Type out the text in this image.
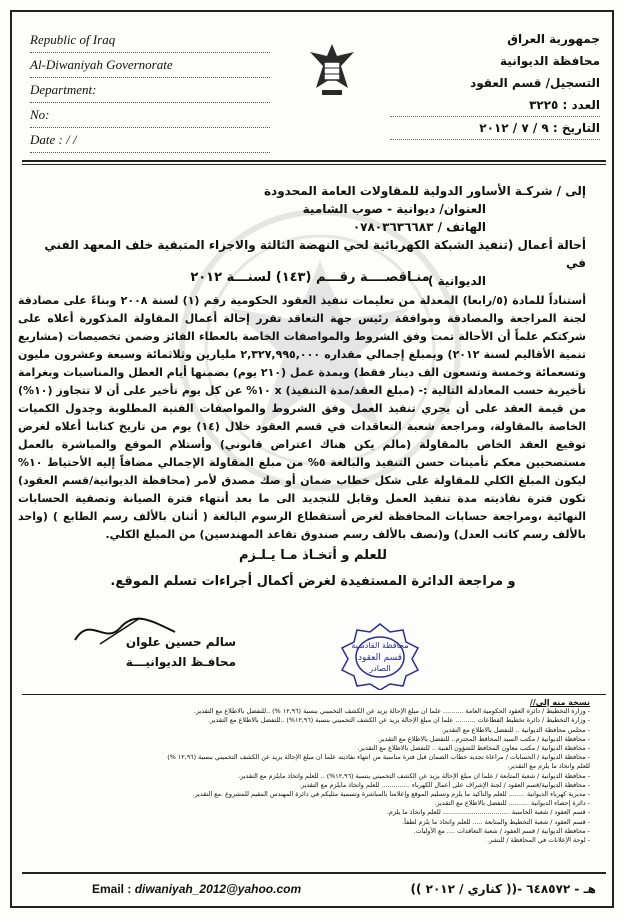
Republic of Iraq
Al-Diwaniyah Governorate
Department:
No:
Date : / /
جمهورية العراق
محافظة الديوانية
التسجيل/ قسم العقود
العدد : ٣٢٢٥
التاريخ : ٩ / ٧ / ٢٠١٢
إلى / شركـة الأساور الدولية للمقاولات العامة المحدودة
العنوان/ ديوانية - صوب الشامية
الهاتف / ٠٧٨٠٣٦٣٦٦٨٣
أحالة أعمال (تنفيذ الشبكة الكهربائية لحي النهضة الثالثة والاجزاء المتبقية خلف المعهد الفني في
الديوانية )
منـاقصــــة رقـــم (١٤٣) لسنـــة ٢٠١٢
أستناداً للمادة (٥/رابعا) المعدلة من تعليمات تنفيذ العقود الحكومية رقم (١) لسنة ٢٠٠٨ وبناءً على مصادقة لجنة المراجعة والمصادقة وموافقة رئيس جهة التعاقد تقرر إحالة أعمال المقاولة المذكورة أعلاه على شركتكم علماً أن الأحالة تمت وفق الشروط والمواصفات الخاصة بالعطاء الفائز وضمن تخصيصات (مشاريع تنمية الأقاليم لسنة ٢٠١٢) وبمبلغ إجمالي مقداره ٢,٣٢٧,٩٩٥,٠٠٠ مليارين وثلاثمائة وسبعة وعشرون مليون وتسعمائة وخمسة وتسعون الف دينار فقط) وبمدة عمل (٢١٠ يوم) بضمنها أيام العطل والمناسبات وبغرامة تأخيرية حسب المعادلة التالية :- (مبلغ العقد/مدة التنفيذ) x ١٠% عن كل يوم تأخير على أن لا تتجاوز (١٠%) من قيمة العقد على أن يجري تنفيذ العمل وفق الشروط والمواصفات الفنية المطلوبة وجدول الكميات الخاصة بالمقاولة، ومراجعة شعبة التعاقدات في قسم العقود خلال (١٤) يوم من تاريخ كتابنا أعلاه لغرض توقيع العقد الخاص بالمقاولة (مالم يكن هناك اعتراض قانوني) وأستلام الموقع والمباشرة بالعمل مستصحبين معكم تأمينات حسن التنفيذ والبالغة ٥% من مبلغ المقاولة الإجمالي مضافاً إليه الأحتياط ١٠% ليكون المبلغ الكلي للمقاولة على شكل خطاب ضمان أو صك مصدق لأمر (محافظة الديوانية/قسم العقود) تكون فترة نفاذيته مدة تنفيذ العمل وقابل للتجديد الى ما بعد أنتهاء فترة الصيانة وتصفية الحسابات النهائية ،ومراجعة حسابات المحافظة لغرض أستقطاع الرسوم البالغة ( أثنان بالألف رسم الطابع ) (واحد بالألف رسم كاتب العدل) و(نصف بالألف رسم صندوق تقاعد المهندسين) من المبلغ الكلي.
للعلم و أتخـاذ مـا يـلـزم
و مراجعة الدائرة المستفيدة لغرض أكمال أجراءات تسلم الموقع.
سالم حسين علوان
محافـظ الديوانيـــة
محافظة القادسية
قسم العقود
الصادر
نسخة منه إلى//
- وزارة التخطيط / دائرة العقود الحكومية العامة .......... علما ان مبلغ الإحالة يزيد عن الكشف التخميني بنسبة (١٢,٩٦ %) ..للتفضل بالاطلاع مع التقدير.
- وزارة التخطيط / دائرة تخطيط القطاعات .......... علما ان مبلغ الإحالة يزيد عن الكشف التخميني بنسبة (١٢,٩٦%) ..للتفضل بالاطلاع مع التقدير.
- مجلس محافظة الديوانية .. للتفضل بالاطلاع مع التقدير.
- محافظة الديوانية / مكتب السيد المحافظ المحترم.. للتفضل بالاطلاع مع التقدير.
- محافظة الديوانية / مكتب معاون المحافظ للشؤون الفنية .. للتفضل بالاطلاع مع التقدير.
- محافظة الديوانية / الحسابات / مراعاة تجديد خطاب الضمان قبل فترة مناسبة من انتهاء نفاذيته علما ان مبلغ الإحالة يزيد عن الكشف التخميني بنسبة (١٢,٩٦ %)
للعلم واتخاذ ما يلزم مع التقدير.
- محافظة الديوانية / شعبة المتابعة / علما ان مبلغ الإحالة يزيد عن الكشف التخميني بنسبة (١٢,٩٦%) .. للعلم واتخاذ مايلزم مع التقدير.
- محافظة الديوانية/قسم العقود / لجنة الإشراف على أعمال الكهرباء .............. للعلم واتخاذ مايلزم مع التقدير.
- مديرية كهرباء الديوانية ........ للعلم والتأكيد ما يلزم وتسليم الموقع وإعلامنا بالمباشرة وتسمية مثليكم في دائرة المهندس المقيم للمشروع .مع التقدير.
- دائرة إحصاء الديوانية .......... للتفضل بالاطلاع مع التقدير.
- قسم العقود / شعبة الحاسبة ................................. للعلم واتخاذ ما يلزم.
- قسم العقود / شعبة التخطيط والمتابعة ..... للعلم واتخاذ ما يلزم لطفاً.
- محافظة الديوانية / قسم العقود / شعبة التعاقدات .... مع الأوليات.
- لوحة الإعلانات في المحافظة / للنشر.
Email : diwaniyah_2012@yahoo.com	هـ - ٦٤٨٥٧٢ -(( كناري / ٢٠١٢ ))
